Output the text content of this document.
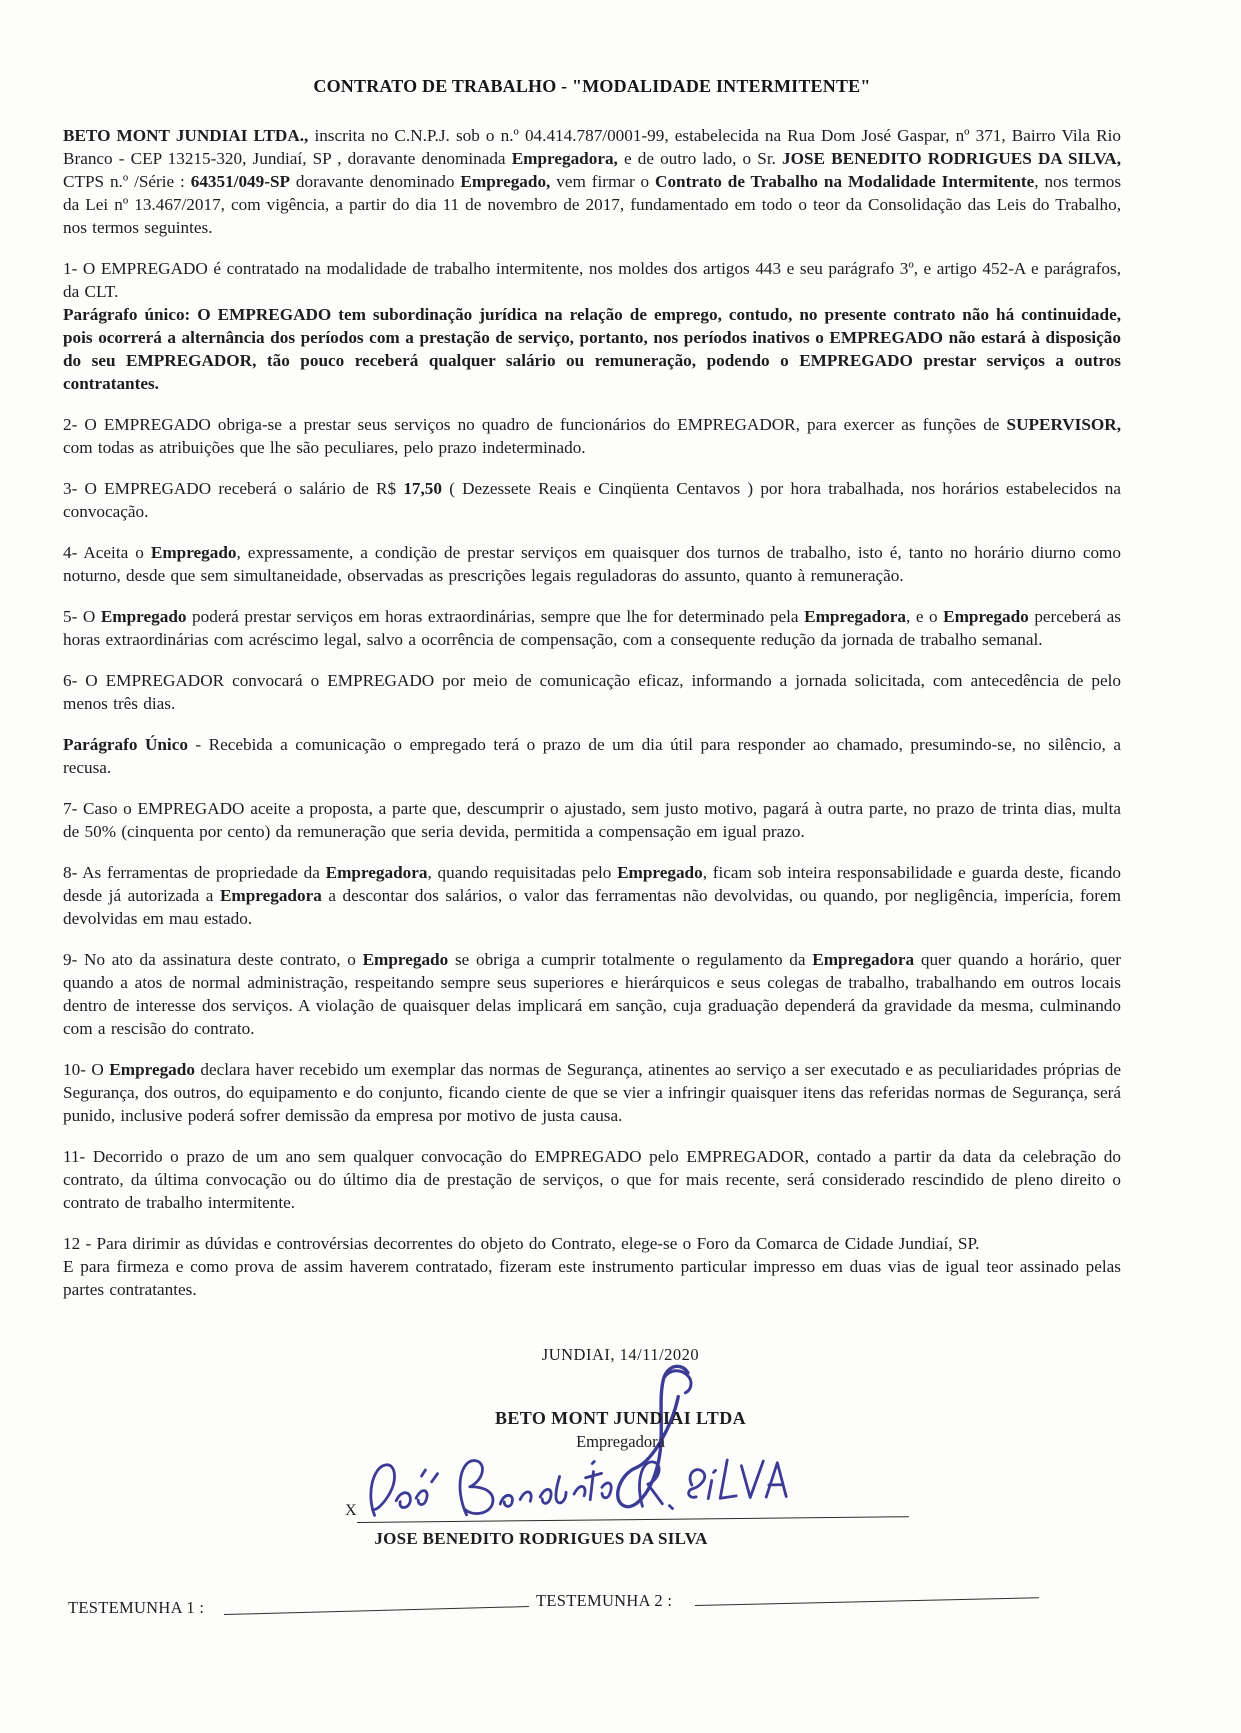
CONTRATO DE TRABALHO - "MODALIDADE INTERMITENTE"

BETO MONT JUNDIAI LTDA., inscrita no C.N.P.J. sob o n.º 04.414.787/0001-99, estabelecida na Rua Dom José Gaspar, nº 371, Bairro Vila Rio Branco - CEP 13215-320, Jundiaí, SP , doravante denominada Empregadora, e de outro lado, o Sr. JOSE BENEDITO RODRIGUES DA SILVA, CTPS n.º /Série : 64351/049-SP doravante denominado Empregado, vem firmar o Contrato de Trabalho na Modalidade Intermitente, nos termos da Lei nº 13.467/2017, com vigência, a partir do dia 11 de novembro de 2017, fundamentado em todo o teor da Consolidação das Leis do Trabalho, nos termos seguintes.

1- O EMPREGADO é contratado na modalidade de trabalho intermitente, nos moldes dos artigos 443 e seu parágrafo 3º, e artigo 452-A e parágrafos, da CLT.

Parágrafo único: O EMPREGADO tem subordinação jurídica na relação de emprego, contudo, no presente contrato não há continuidade, pois ocorrerá a alternância dos períodos com a prestação de serviço, portanto, nos períodos inativos o EMPREGADO não estará à disposição do seu EMPREGADOR, tão pouco receberá qualquer salário ou remuneração, podendo o EMPREGADO prestar serviços a outros contratantes.

2- O EMPREGADO obriga-se a prestar seus serviços no quadro de funcionários do EMPREGADOR, para exercer as funções de SUPERVISOR, com todas as atribuições que lhe são peculiares, pelo prazo indeterminado.

3- O EMPREGADO receberá o salário de R$ 17,50 ( Dezessete Reais e Cinqüenta Centavos ) por hora trabalhada, nos horários estabelecidos na convocação.

4- Aceita o Empregado, expressamente, a condição de prestar serviços em quaisquer dos turnos de trabalho, isto é, tanto no horário diurno como noturno, desde que sem simultaneidade, observadas as prescrições legais reguladoras do assunto, quanto à remuneração.

5- O Empregado poderá prestar serviços em horas extraordinárias, sempre que lhe for determinado pela Empregadora, e o Empregado perceberá as horas extraordinárias com acréscimo legal, salvo a ocorrência de compensação, com a consequente redução da jornada de trabalho semanal.

6- O EMPREGADOR convocará o EMPREGADO por meio de comunicação eficaz, informando a jornada solicitada, com antecedência de pelo menos três dias.

Parágrafo Único - Recebida a comunicação o empregado terá o prazo de um dia útil para responder ao chamado, presumindo-se, no silêncio, a recusa.

7- Caso o EMPREGADO aceite a proposta, a parte que, descumprir o ajustado, sem justo motivo, pagará à outra parte, no prazo de trinta dias, multa de 50% (cinquenta por cento) da remuneração que seria devida, permitida a compensação em igual prazo.

8- As ferramentas de propriedade da Empregadora, quando requisitadas pelo Empregado, ficam sob inteira responsabilidade e guarda deste, ficando desde já autorizada a Empregadora a descontar dos salários, o valor das ferramentas não devolvidas, ou quando, por negligência, imperícia, forem devolvidas em mau estado.

9- No ato da assinatura deste contrato, o Empregado se obriga a cumprir totalmente o regulamento da Empregadora quer quando a horário, quer quando a atos de normal administração, respeitando sempre seus superiores e hierárquicos e seus colegas de trabalho, trabalhando em outros locais dentro de interesse dos serviços. A violação de quaisquer delas implicará em sanção, cuja graduação dependerá da gravidade da mesma, culminando com a rescisão do contrato.

10- O Empregado declara haver recebido um exemplar das normas de Segurança, atinentes ao serviço a ser executado e as peculiaridades próprias de Segurança, dos outros, do equipamento e do conjunto, ficando ciente de que se vier a infringir quaisquer itens das referidas normas de Segurança, será punido, inclusive poderá sofrer demissão da empresa por motivo de justa causa.

11- Decorrido o prazo de um ano sem qualquer convocação do EMPREGADO pelo EMPREGADOR, contado a partir da data da celebração do contrato, da última convocação ou do último dia de prestação de serviços, o que for mais recente, será considerado rescindido de pleno direito o contrato de trabalho intermitente.

12 - Para dirimir as dúvidas e controvérsias decorrentes do objeto do Contrato, elege-se o Foro da Comarca de Cidade Jundiaí, SP.

E para firmeza e como prova de assim haverem contratado, fizeram este instrumento particular impresso em duas vias de igual teor assinado pelas partes contratantes.

JUNDIAI, 14/11/2020
BETO MONT JUNDIAI LTDA
Empregadora
X
JOSE BENEDITO RODRIGUES DA SILVA
TESTEMUNHA 1 :	TESTEMUNHA 2 :
